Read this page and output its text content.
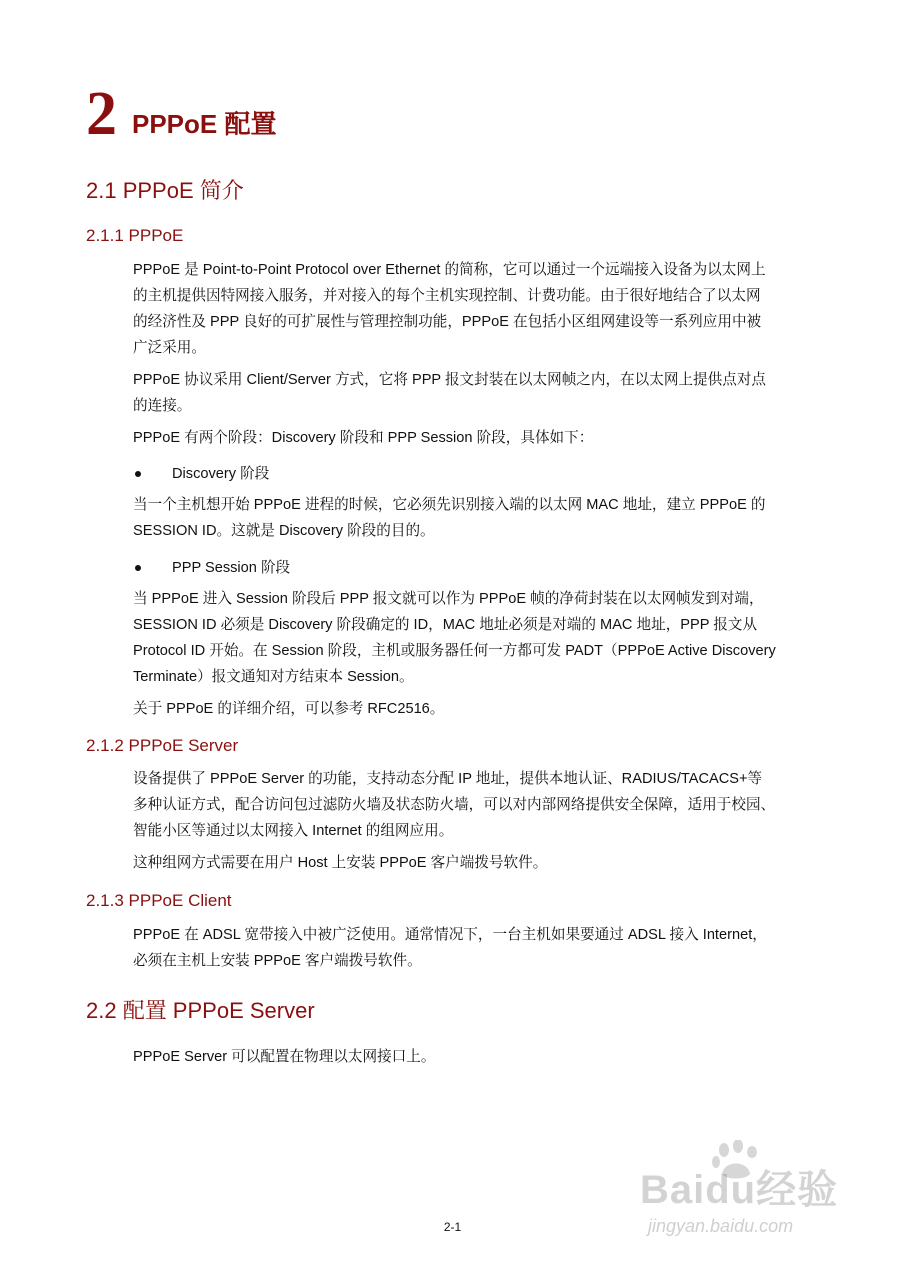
2 PPPoE 配置
2.1 PPPoE 简介
2.1.1 PPPoE
PPPoE 是 Point-to-Point Protocol over Ethernet 的简称，它可以通过一个远端接入设备为以太网上
的主机提供因特网接入服务，并对接入的每个主机实现控制、计费功能。由于很好地结合了以太网
的经济性及 PPP 良好的可扩展性与管理控制功能，PPPoE 在包括小区组网建设等一系列应用中被
广泛采用。
PPPoE 协议采用 Client/Server 方式，它将 PPP 报文封装在以太网帧之内，在以太网上提供点对点
的连接。
PPPoE 有两个阶段：Discovery 阶段和 PPP Session 阶段，具体如下：
Discovery 阶段
当一个主机想开始 PPPoE 进程的时候，它必须先识别接入端的以太网 MAC 地址，建立 PPPoE 的
SESSION ID。这就是 Discovery 阶段的目的。
PPP Session 阶段
当 PPPoE 进入 Session 阶段后 PPP 报文就可以作为 PPPoE 帧的净荷封装在以太网帧发到对端，
SESSION ID 必须是 Discovery 阶段确定的 ID，MAC 地址必须是对端的 MAC 地址，PPP 报文从
Protocol ID 开始。在 Session 阶段，主机或服务器任何一方都可发 PADT（PPPoE Active Discovery
Terminate）报文通知对方结束本 Session。
关于 PPPoE 的详细介绍，可以参考 RFC2516。
2.1.2 PPPoE Server
设备提供了 PPPoE Server 的功能，支持动态分配 IP 地址，提供本地认证、RADIUS/TACACS+等
多种认证方式，配合访问包过滤防火墙及状态防火墙，可以对内部网络提供安全保障，适用于校园、
智能小区等通过以太网接入 Internet 的组网应用。
这种组网方式需要在用户 Host 上安装 PPPoE 客户端拨号软件。
2.1.3 PPPoE Client
PPPoE 在 ADSL 宽带接入中被广泛使用。通常情况下，一台主机如果要通过 ADSL 接入 Internet，
必须在主机上安装 PPPoE 客户端拨号软件。
2.2 配置 PPPoE Server
PPPoE Server 可以配置在物理以太网接口上。
Baidu经验
jingyan.baidu.com
2-1
